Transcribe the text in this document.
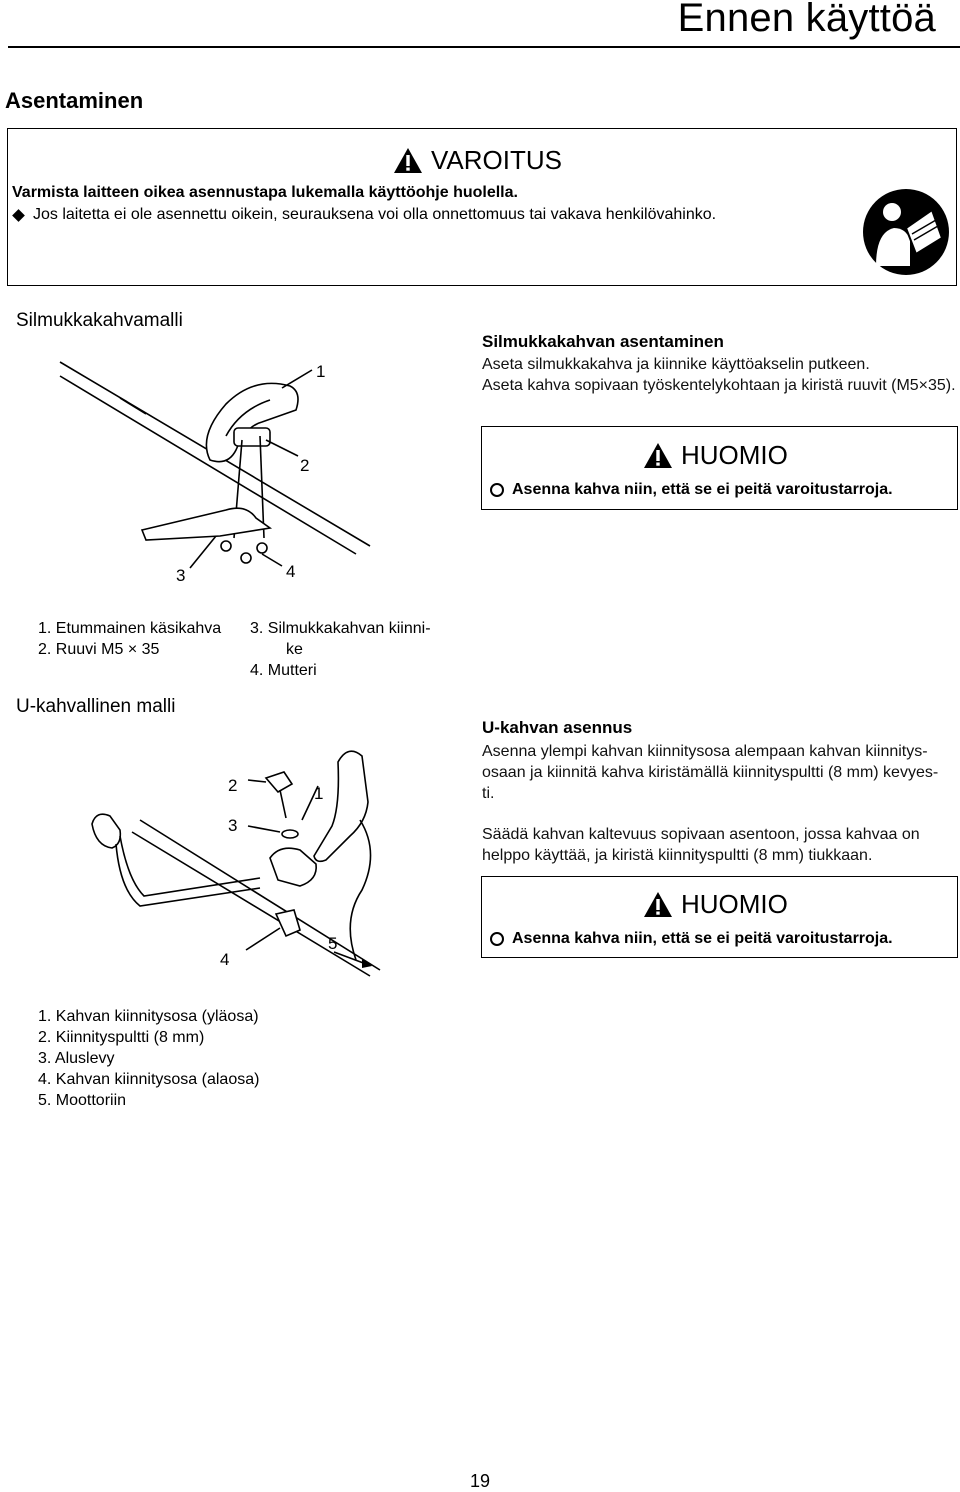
Ennen käyttöä
Asentaminen
VAROITUS
Varmista laitteen oikea asennustapa lukemalla käyttöohje huolella.
Jos laitetta ei ole asennettu oikein, seurauksena voi olla onnettomuus tai vakava henkilövahinko.
Silmukkakahvamalli
1
2
3	4
Silmukkakahvan asentaminen
Aseta silmukkakahva ja kiinnike käyttöakselin putkeen.
Aseta kahva sopivaan työskentelykohtaan ja kiristä ruuvit (M5×35).
HUOMIO
Asenna kahva niin, että se ei peitä varoitustarroja.
1. Etummainen käsikahva
2. Ruuvi M5 × 35
3. Silmukkakahvan kiinni-
ke
4. Mutteri
U-kahvallinen malli
2	1
3
4
5
U-kahvan asennus
Asenna ylempi kahvan kiinnitysosa alempaan kahvan kiinnitys-
osaan ja kiinnitä kahva kiristämällä kiinnityspultti (8 mm) kevyes-
ti.
Säädä kahvan kaltevuus sopivaan asentoon, jossa kahvaa on
helppo käyttää, ja kiristä kiinnityspultti (8 mm) tiukkaan.
HUOMIO
Asenna kahva niin, että se ei peitä varoitustarroja.
1. Kahvan kiinnitysosa (yläosa)
2. Kiinnityspultti (8 mm)
3. Aluslevy
4. Kahvan kiinnitysosa (alaosa)
5. Moottoriin
19
